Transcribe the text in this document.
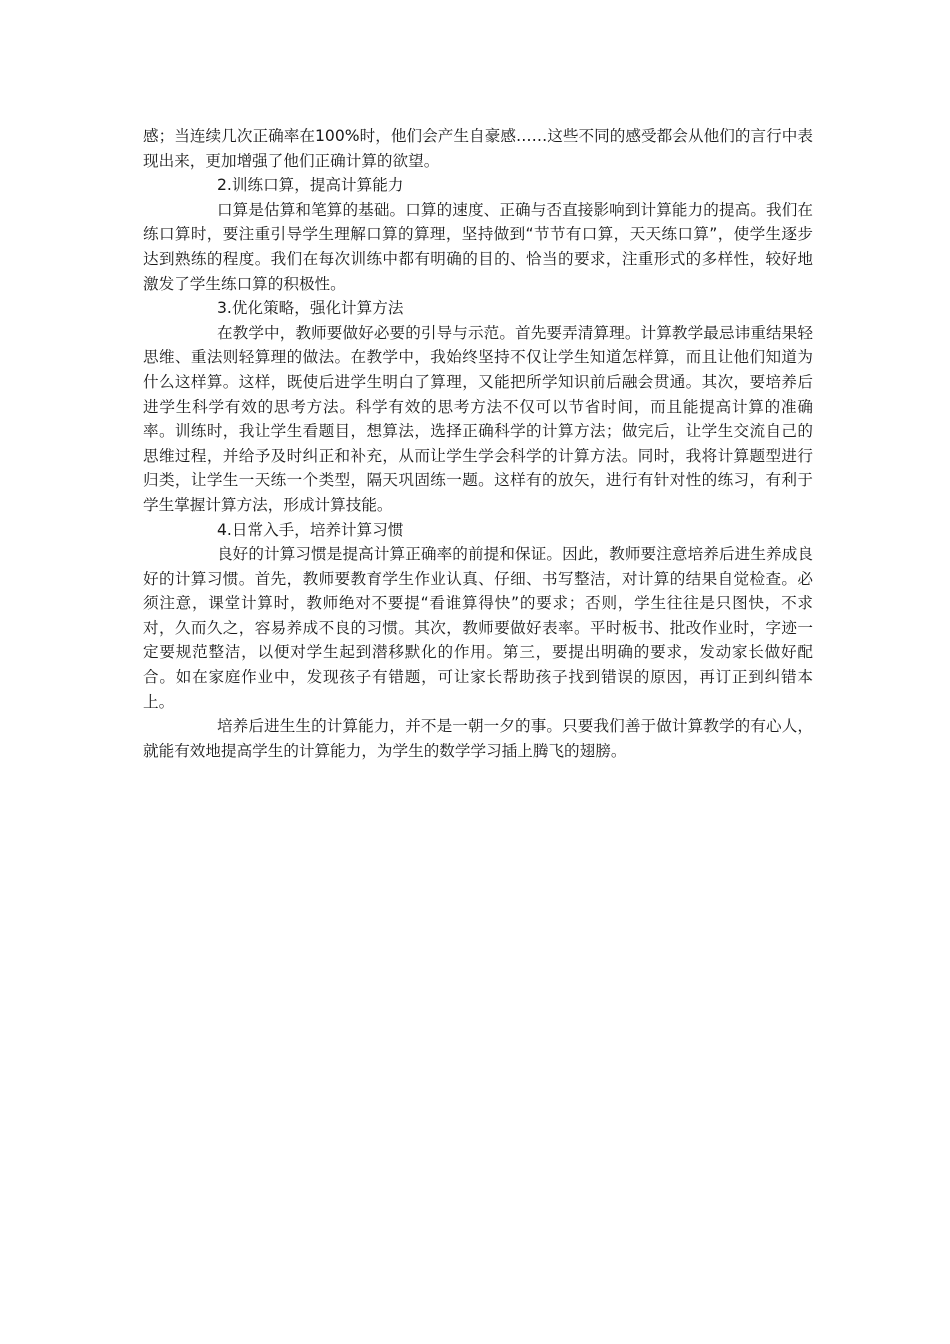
感；当连续几次正确率在100%时，他们会产生自豪感……这些不同的感受都会从他们的言行中表现出来，更加增强了他们正确计算的欲望。

2.训练口算，提高计算能力

口算是估算和笔算的基础。口算的速度、正确与否直接影响到计算能力的提高。我们在练口算时，要注重引导学生理解口算的算理，坚持做到“节节有口算，天天练口算”，使学生逐步达到熟练的程度。我们在每次训练中都有明确的目的、恰当的要求，注重形式的多样性，较好地激发了学生练口算的积极性。

3.优化策略，强化计算方法

在教学中，教师要做好必要的引导与示范。首先要弄清算理。计算教学最忌讳重结果轻思维、重法则轻算理的做法。在教学中，我始终坚持不仅让学生知道怎样算，而且让他们知道为什么这样算。这样，既使后进学生明白了算理，又能把所学知识前后融会贯通。其次，要培养后进学生科学有效的思考方法。科学有效的思考方法不仅可以节省时间，而且能提高计算的准确率。训练时，我让学生看题目，想算法，选择正确科学的计算方法；做完后，让学生交流自己的思维过程，并给予及时纠正和补充，从而让学生学会科学的计算方法。同时，我将计算题型进行归类，让学生一天练一个类型，隔天巩固练一题。这样有的放矢，进行有针对性的练习，有利于学生掌握计算方法，形成计算技能。

4.日常入手，培养计算习惯

良好的计算习惯是提高计算正确率的前提和保证。因此，教师要注意培养后进生养成良好的计算习惯。首先，教师要教育学生作业认真、仔细、书写整洁，对计算的结果自觉检查。必须注意，课堂计算时，教师绝对不要提“看谁算得快”的要求；否则，学生往往是只图快，不求对，久而久之，容易养成不良的习惯。其次，教师要做好表率。平时板书、批改作业时，字迹一定要规范整洁，以便对学生起到潜移默化的作用。第三，要提出明确的要求，发动家长做好配合。如在家庭作业中，发现孩子有错题，可让家长帮助孩子找到错误的原因，再订正到纠错本上。

培养后进生生的计算能力，并不是一朝一夕的事。只要我们善于做计算教学的有心人，就能有效地提高学生的计算能力，为学生的数学学习插上腾飞的翅膀。
